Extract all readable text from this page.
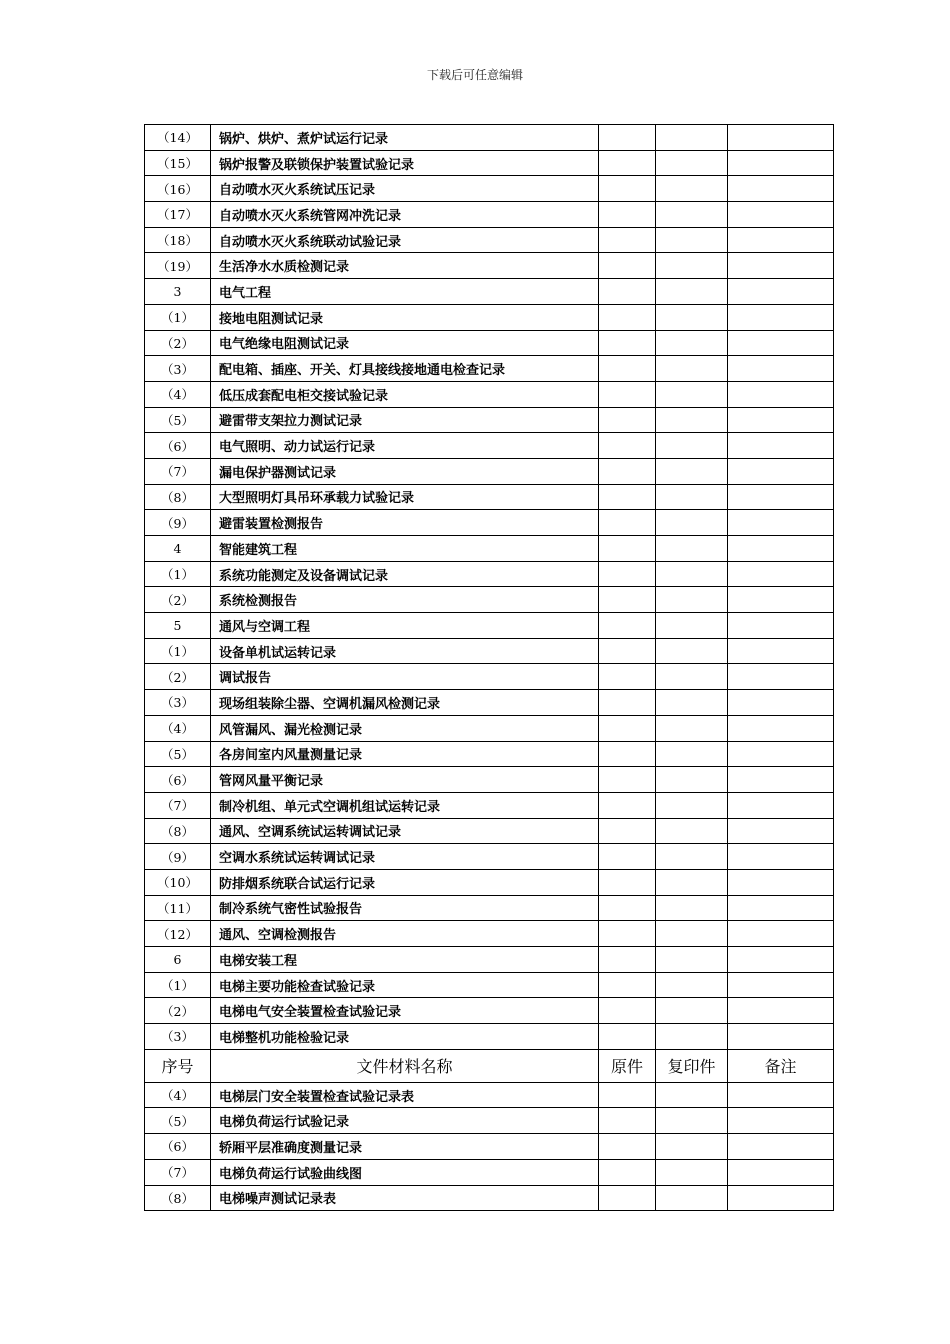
下载后可任意编辑
（14）	锅炉、烘炉、煮炉试运行记录			
（15）	锅炉报警及联锁保护装置试验记录			
（16）	自动喷水灭火系统试压记录			
（17）	自动喷水灭火系统管网冲洗记录			
（18）	自动喷水灭火系统联动试验记录			
（19）	生活净水水质检测记录			
3	电气工程			
（1）	接地电阻测试记录			
（2）	电气绝缘电阻测试记录			
（3）	配电箱、插座、开关、灯具接线接地通电检查记录			
（4）	低压成套配电柜交接试验记录			
（5）	避雷带支架拉力测试记录			
（6）	电气照明、动力试运行记录			
（7）	漏电保护器测试记录			
（8）	大型照明灯具吊环承载力试验记录			
（9）	避雷装置检测报告			
4	智能建筑工程			
（1）	系统功能测定及设备调试记录			
（2）	系统检测报告			
5	通风与空调工程			
（1）	设备单机试运转记录			
（2）	调试报告			
（3）	现场组装除尘器、空调机漏风检测记录			
（4）	风管漏风、漏光检测记录			
（5）	各房间室内风量测量记录			
（6）	管网风量平衡记录			
（7）	制冷机组、单元式空调机组试运转记录			
（8）	通风、空调系统试运转调试记录			
（9）	空调水系统试运转调试记录			
（10）	防排烟系统联合试运行记录			
（11）	制冷系统气密性试验报告			
（12）	通风、空调检测报告			
6	电梯安装工程			
（1）	电梯主要功能检查试验记录			
（2）	电梯电气安全装置检查试验记录			
（3）	电梯整机功能检验记录			
序号	文件材料名称	原件	复印件	备注
（4）	电梯层门安全装置检查试验记录表			
（5）	电梯负荷运行试验记录			
（6）	轿厢平层准确度测量记录			
（7）	电梯负荷运行试验曲线图			
（8）	电梯噪声测试记录表			
